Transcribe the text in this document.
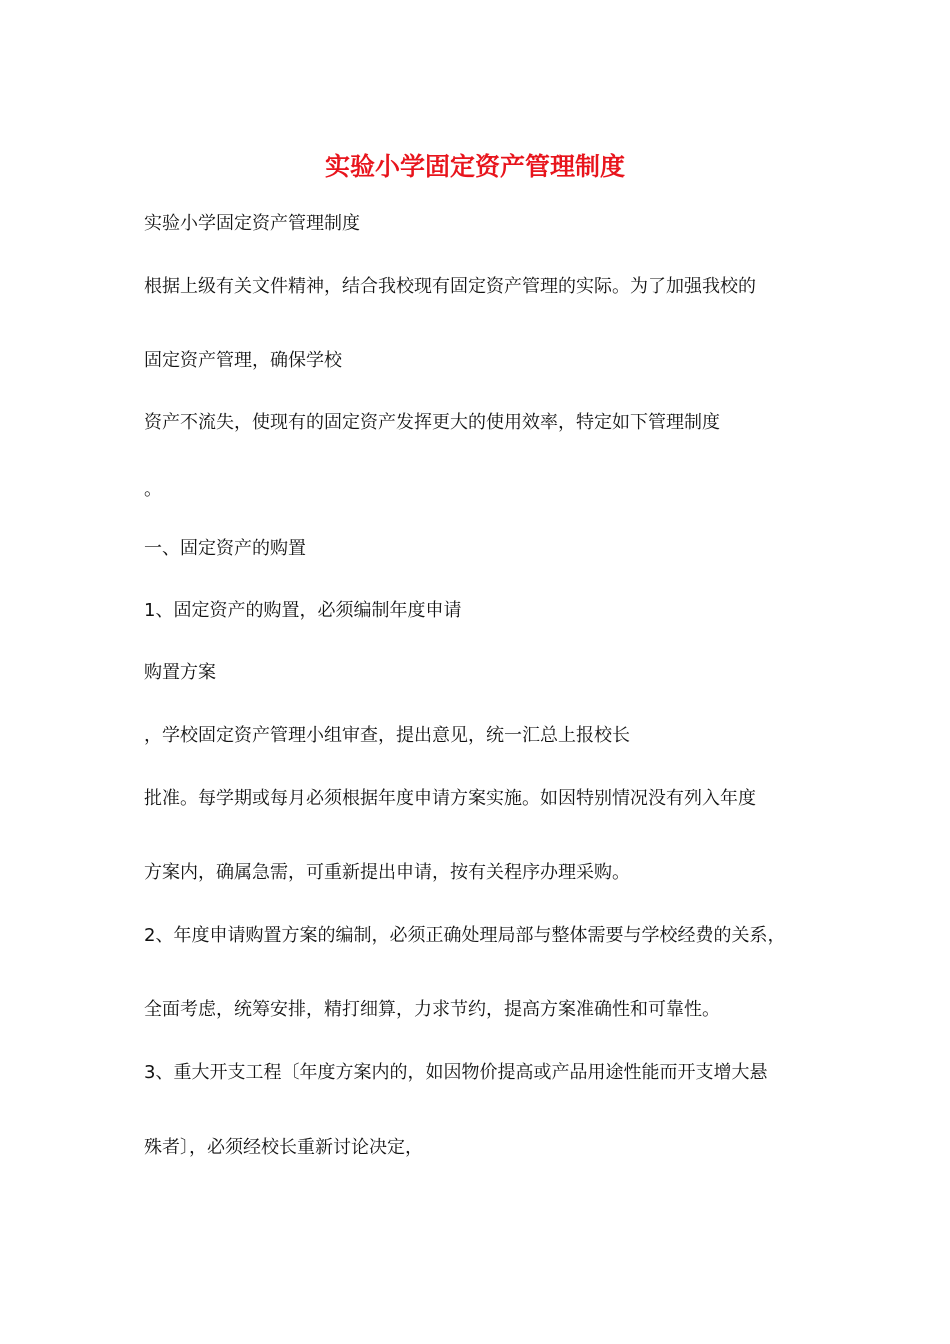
实验小学固定资产管理制度

实验小学固定资产管理制度

根据上级有关文件精神，结合我校现有固定资产管理的实际。为了加强我校的

固定资产管理，确保学校

资产不流失，使现有的固定资产发挥更大的使用效率，特定如下管理制度

。

一、固定资产的购置

1、固定资产的购置，必须编制年度申请

购置方案

，学校固定资产管理小组审查，提出意见，统一汇总上报校长

批准。每学期或每月必须根据年度申请方案实施。如因特别情况没有列入年度

方案内，确属急需，可重新提出申请，按有关程序办理采购。

2、年度申请购置方案的编制，必须正确处理局部与整体需要与学校经费的关系，

全面考虑，统筹安排，精打细算，力求节约，提高方案准确性和可靠性。

3、重大开支工程〔年度方案内的，如因物价提高或产品用途性能而开支增大悬

殊者〕，必须经校长重新讨论决定，
